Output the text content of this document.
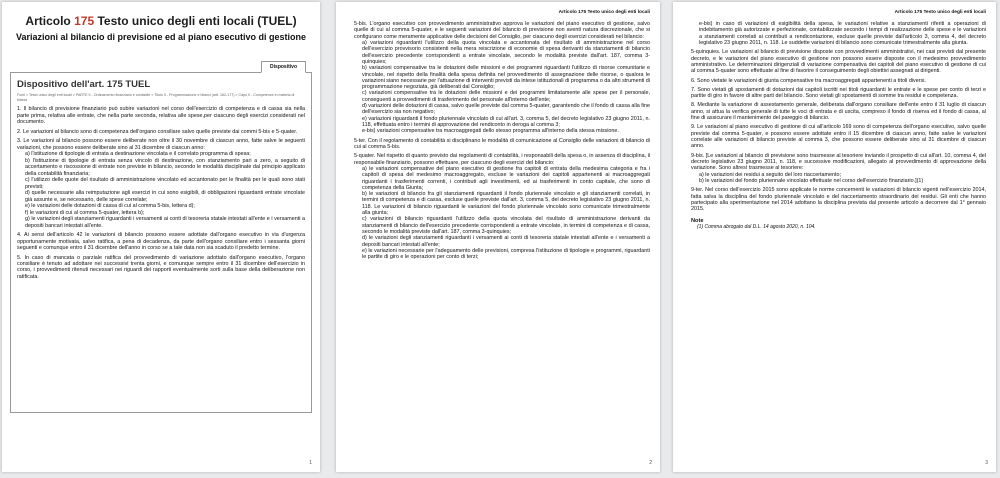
Articolo 175 Testo unico degli enti locali (TUEL)
Variazioni al bilancio di previsione ed al piano esecutivo di gestione
Dispositivo
Dispositivo dell'art. 175 TUEL
Fonti > Testo unico degli enti locali > PARTE II - Ordinamento finanziario e contabile > Titolo II - Programmazione e bilanci (artt. 162-177) > Capo II - Competenze in materia di bilanci

1. Il bilancio di previsione finanziario può subire variazioni nel corso dell'esercizio di competenza e di cassa sia nella parte prima, relativa alle entrate, che nella parte seconda, relativa alle spese,per ciascuno degli esercizi considerati nel documento.

2. Le variazioni al bilancio sono di competenza dell'organo consiliare salvo quelle previste dai commi 5-bis e 5-quater.

3. Le variazioni al bilancio possono essere deliberate non oltre il 30 novembre di ciascun anno, fatte salve le seguenti variazioni, che possono essere deliberate sino al 31 dicembre di ciascun anno:

a) l'istituzione di tipologie di entrata a destinazione vincolata e il correlato programma di spesa;

b) l'istituzione di tipologie di entrata senza vincolo di destinazione, con stanziamento pari a zero, a seguito di accertamento e riscossione di entrate non previste in bilancio, secondo le modalità disciplinate dal principio applicato della contabilità finanziaria;

c) l'utilizzo delle quote del risultato di amministrazione vincolato ed accantonato per le finalità per le quali sono stati previsti;

d) quelle necessarie alla reimputazione agli esercizi in cui sono esigibili, di obbligazioni riguardanti entrate vincolate già assunte e, se necessario, delle spese correlate;

e) le variazioni delle dotazioni di cassa di cui al comma 5-bis, lettera d);

f) le variazioni di cui al comma 5-quater, lettera b);

g) le variazioni degli stanziamenti riguardanti i versamenti ai conti di tesoreria statale intestati all'ente e i versamenti a depositi bancari intestati all'ente.

4. Ai sensi dell'articolo 42 le variazioni di bilancio possono essere adottate dall'organo esecutivo in via d'urgenza opportunamente motivata, salvo ratifica, a pena di decadenza, da parte dell'organo consiliare entro i sessanta giorni seguenti e comunque entro il 31 dicembre dell'anno in corso se a tale data non sia scaduto il predetto termine.

5. In caso di mancata o parziale ratifica del provvedimento di variazione adottato dall'organo esecutivo, l'organo consiliare è tenuto ad adottare nei successivi trenta giorni, e comunque sempre entro il 31 dicembre dell'esercizio in corso, i provvedimenti ritenuti necessari nei riguardi dei rapporti eventualmente sorti sulla base della deliberazione non ratificata.

1
Articolo 175 Testo unico degli enti locali

5-bis. L'organo esecutivo con provvedimento amministrativo approva le variazioni del piano esecutivo di gestione, salvo quelle di cui al comma 5-quater, e le seguenti variazioni del bilancio di previsione non aventi natura discrezionale, che si configurano come meramente applicative delle decisioni del Consiglio, per ciascuno degli esercizi considerati nel bilancio:

a) variazioni riguardanti l'utilizzo della quota vincolata e accantonata del risultato di amministrazione nel corso dell'esercizio provvisorio consistenti nella mera reiscrizione di economie di spesa derivanti da stanziamenti di bilancio dell'esercizio precedente corrispondenti a entrate vincolate, secondo le modalità previste dall'art. 187, comma 3-quinquies;

b) variazioni compensative tra le dotazioni delle missioni e dei programmi riguardanti l'utilizzo di risorse comunitarie e vincolate, nel rispetto della finalità della spesa definita nel provvedimento di assegnazione delle risorse, o qualora le variazioni siano necessarie per l'attuazione di interventi previsti da intese istituzionali di programma o da altri strumenti di programmazione negoziata, già deliberati dal Consiglio;

c) variazioni compensative tra le dotazioni delle missioni e dei programmi limitatamente alle spese per il personale, conseguenti a provvedimenti di trasferimento del personale all'interno dell'ente;

d) variazioni delle dotazioni di cassa, salvo quelle previste dal comma 5-quater, garantendo che il fondo di cassa alla fine dell'esercizio sia non negativo;

e) variazioni riguardanti il fondo pluriennale vincolato di cui all'art. 3, comma 5, del decreto legislativo 23 giugno 2011, n. 118, effettuata entro i termini di approvazione del rendiconto in deroga al comma 3;

e-bis) variazioni compensative tra macroaggregati dello stesso programma all'interno della stessa missione.

5-ter. Con il regolamento di contabilità si disciplinano le modalità di comunicazione al Consiglio delle variazioni di bilancio di cui al comma 5-bis.

5-quater. Nel rispetto di quanto previsto dai regolamenti di contabilità, i responsabili della spesa o, in assenza di disciplina, il responsabile finanziario, possono effettuare, per ciascuno degli esercizi del bilancio:

a) le variazioni compensative del piano esecutivo di gestione fra capitoli di entrata della medesima categoria e fra i capitoli di spesa del medesimo macroaggregato, escluse le variazioni dei capitoli appartenenti ai macroaggregati riguardanti i trasferimenti correnti, i contributi agli investimenti, ed ai trasferimenti in conto capitale, che sono di competenza della Giunta;

b) le variazioni di bilancio fra gli stanziamenti riguardanti il fondo pluriennale vincolato e gli stanziamenti correlati, in termini di competenza e di cassa, escluse quelle previste dall'art. 3, comma 5, del decreto legislativo 23 giugno 2011, n. 118. Le variazioni di bilancio riguardanti le variazioni del fondo pluriennale vincolato sono comunicate trimestralmente alla giunta;

c) variazioni di bilancio riguardanti l'utilizzo della quota vincolata del risultato di amministrazione derivanti da stanziamenti di bilancio dell'esercizio precedente corrispondenti a entrate vincolate, in termini di competenza e di cassa, secondo le modalità previste dall'art. 187, comma 3-quinquies;

d) le variazioni degli stanziamenti riguardanti i versamenti ai conti di tesoreria statale intestati all'ente e i versamenti a depositi bancari intestati all'ente;

e) le variazioni necessarie per l'adeguamento delle previsioni, compresa l'istituzione di tipologie e programmi, riguardanti le partite di giro e le operazioni per conto di terzi;

2
Articolo 175 Testo unico degli enti locali

e-bis) in caso di variazioni di esigibilità della spesa, le variazioni relative a stanziamenti riferiti a operazioni di indebitamento già autorizzate e perfezionate, contabilizzate secondo i tempi di realizzazione delle spese e le variazioni a stanziamenti correlati ai contributi a rendicontazione, escluse quelle previste dall'articolo 3, comma 4, del decreto legislativo 23 giugno 2011, n. 118. Le suddette variazioni di bilancio sono comunicate trimestralmente alla giunta.

5-quinquies. Le variazioni al bilancio di previsione disposte con provvedimenti amministrativi, nei casi previsti dal presente decreto, e le variazioni del piano esecutivo di gestione non possono essere disposte con il medesimo provvedimento amministrativo. Le determinazioni dirigenziali di variazione compensativa dei capitoli del piano esecutivo di gestione di cui al comma 5-quater sono effettuate al fine di favorire il conseguimento degli obiettivi assegnati ai dirigenti.

6. Sono vietate le variazioni di giunta compensative tra macroaggregati appartenenti a titoli diversi.

7. Sono vietati gli spostamenti di dotazioni dai capitoli iscritti nei titoli riguardanti le entrate e le spese per conto di terzi e partite di giro in favore di altre parti del bilancio. Sono vietati gli spostamenti di somme tra residui e competenza.

8. Mediante la variazione di assestamento generale, deliberata dall'organo consiliare dell'ente entro il 31 luglio di ciascun anno, si attua la verifica generale di tutte le voci di entrata e di uscita, compreso il fondo di riserva ed il fondo di cassa, al fine di assicurare il mantenimento del pareggio di bilancio.

9. Le variazioni al piano esecutivo di gestione di cui all'articolo 169 sono di competenza dell'organo esecutivo, salvo quelle previste dal comma 5-quater, e possono essere adottate entro il 15 dicembre di ciascun anno, fatte salve le variazioni correlate alle variazioni di bilancio previste al comma 3, che possono essere deliberate sino al 31 dicembre di ciascun anno.

9-bis. [Le variazioni al bilancio di previsione sono trasmesse al tesoriere inviando il prospetto di cui all'art. 10, comma 4, del decreto legislativo 23 giugno 2011, n. 118, e successive modificazioni, allegato al provvedimento di approvazione della variazione. Sono altresì trasmesse al tesoriere:

a) le variazioni dei residui a seguito del loro riaccertamento;

b) le variazioni del fondo pluriennale vincolato effettuate nel corso dell'esercizio finanziario.](1)

9-ter. Nel corso dell'esercizio 2015 sono applicate le norme concernenti le variazioni di bilancio vigenti nell'esercizio 2014, fatta salva la disciplina del fondo pluriennale vincolato e del riaccertamento straordinario dei residui. Gli enti che hanno partecipato alla sperimentazione nel 2014 adottano la disciplina prevista dal presente articolo a decorrere dal 1° gennaio 2015.

Note
(1) Comma abrogato dal D.L. 14 agosto 2020, n. 104.
3
